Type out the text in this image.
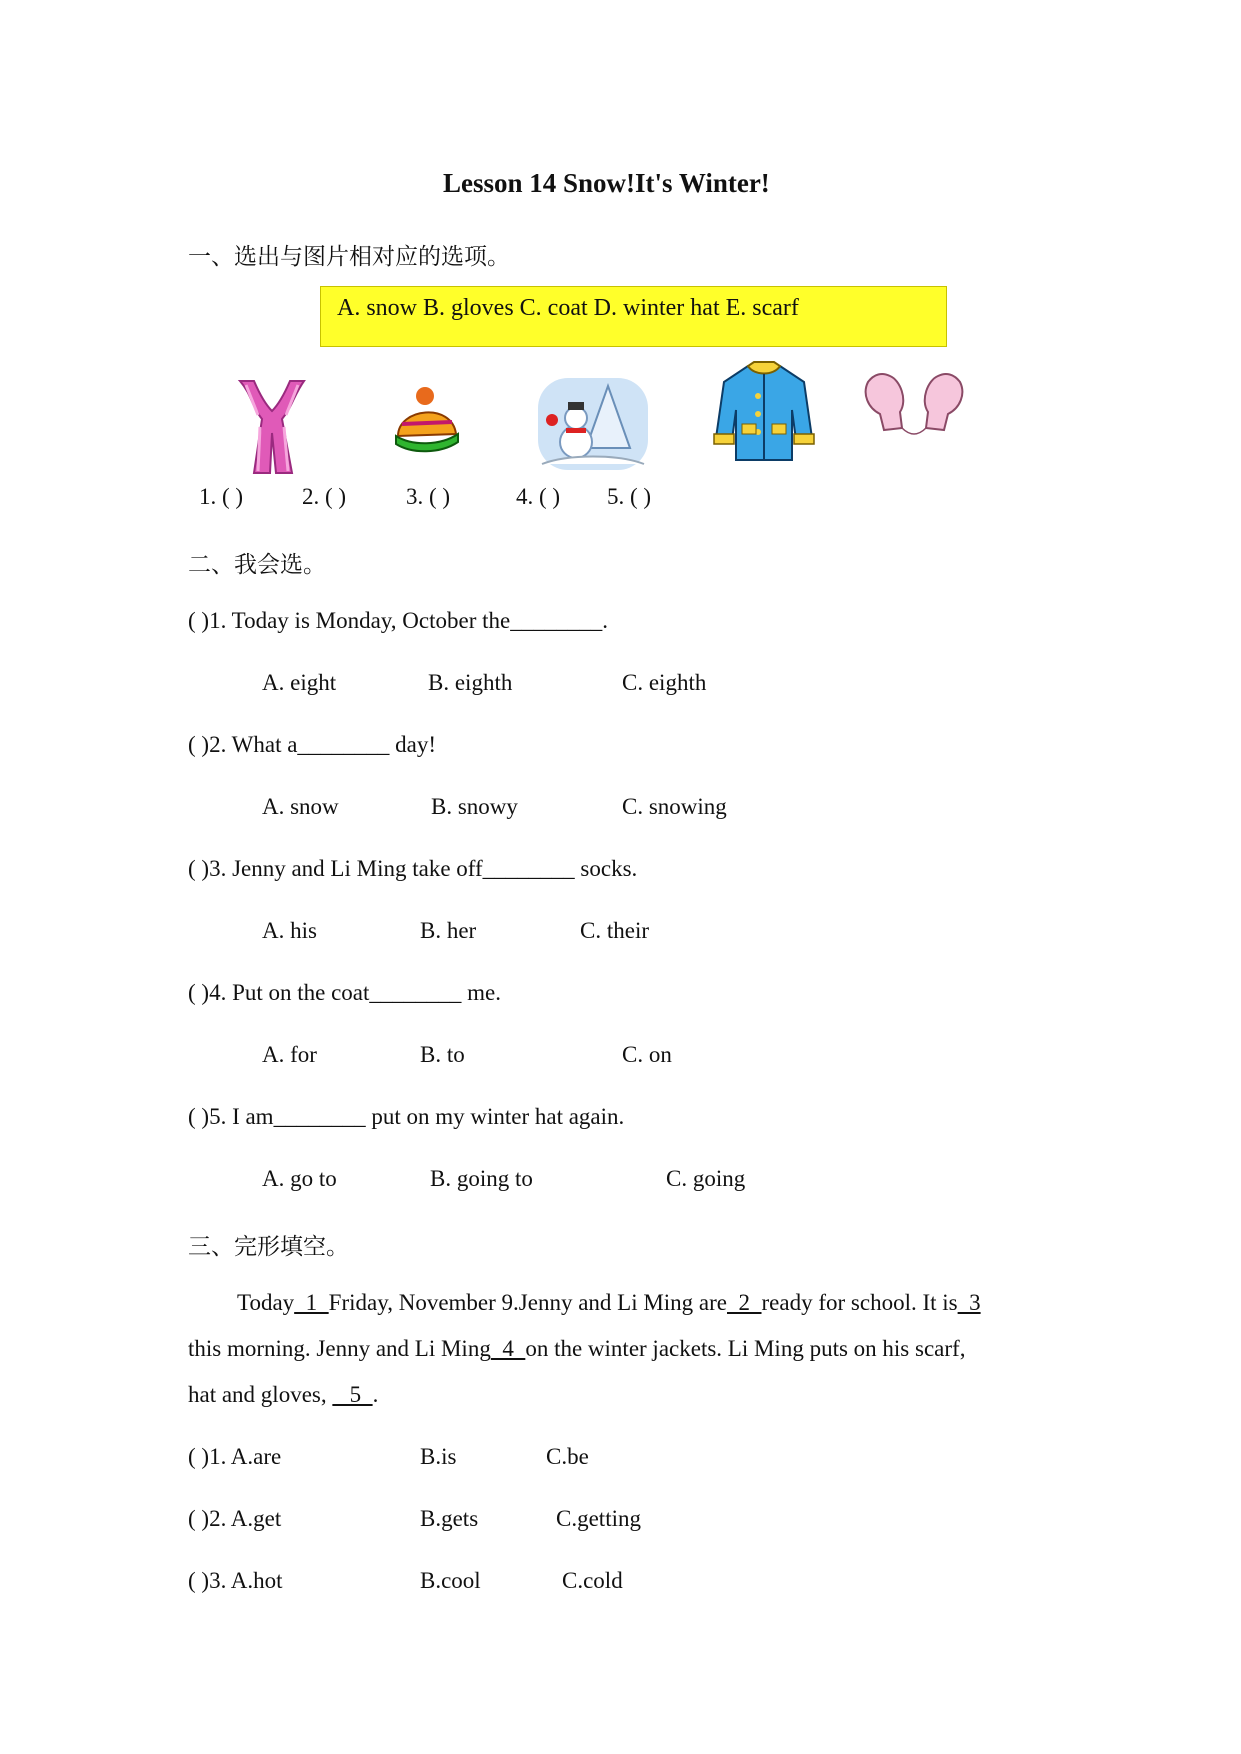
Lesson 14 Snow!It's Winter!
一、选出与图片相对应的选项。
A. snow B. gloves C. coat D. winter hat E. scarf
1. ( )	2. ( )	3. ( )	4. ( ) 5. ( )
二、我会选。
( )1. Today is Monday, October the________.
A. eight	B. eighth	C. eighth
( )2. What a________ day!
A. snow	B. snowy	C. snowing
( )3. Jenny and Li Ming take off________ socks.
A. his	B. her	C. their
( )4. Put on the coat________ me.
A. for	B. to	C. on
( )5. I am________ put on my winter hat again.
A. go to	B. going to	C. going
三、完形填空。
Today  1  Friday, November 9.Jenny and Li Ming are  2  ready for school. It is  3
this morning. Jenny and Li Ming  4  on the winter jackets. Li Ming puts on his scarf,
hat and gloves,    5  .
( )1. A.are	B.is	C.be
( )2. A.get	B.gets	C.getting
( )3. A.hot	B.cool	C.cold
